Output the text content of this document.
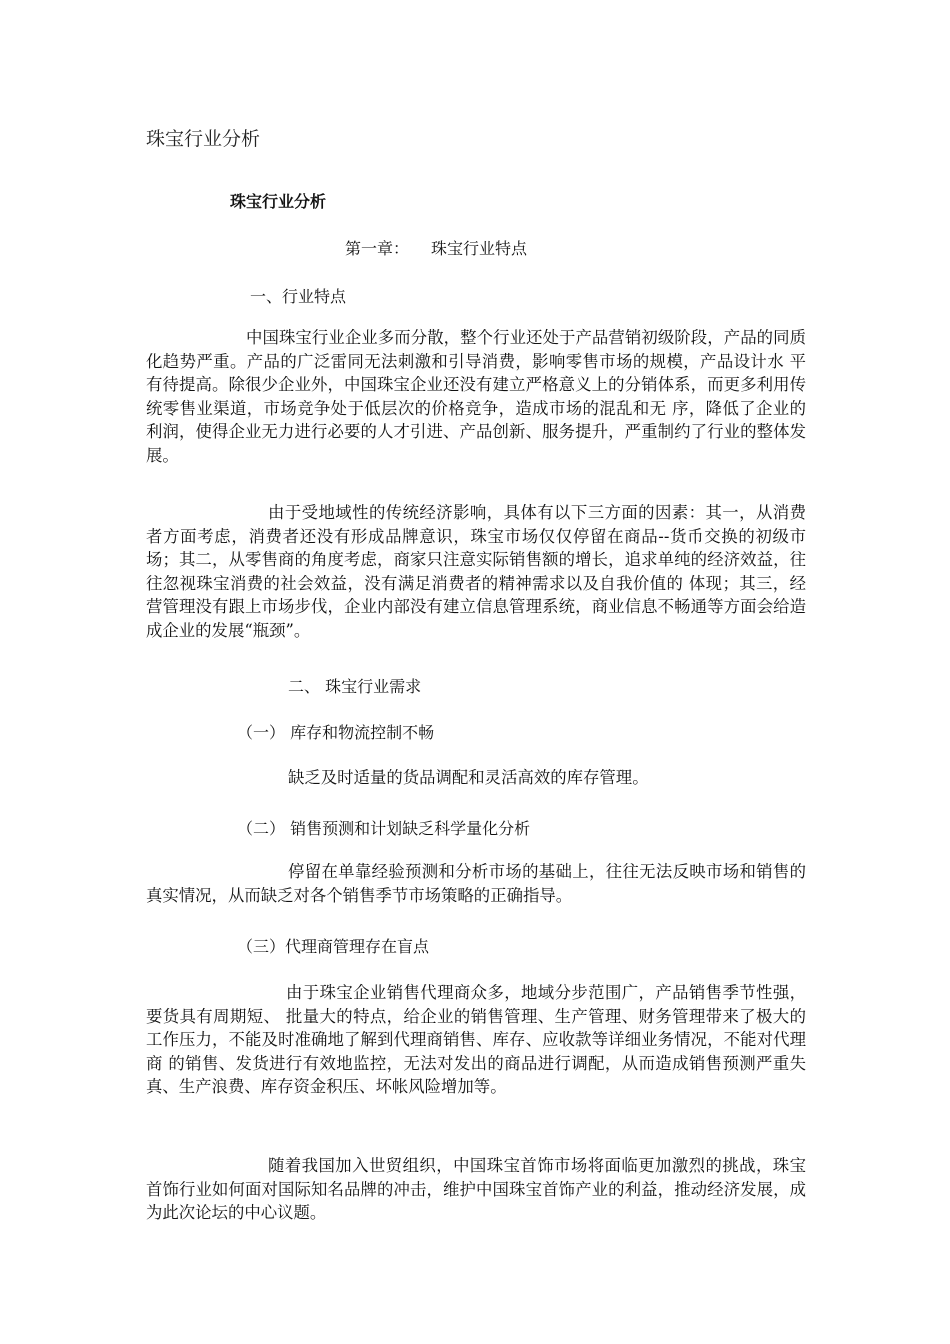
珠宝行业分析
珠宝行业分析
第一章： 珠宝行业特点
一、行业特点

中国珠宝行业企业多而分散，整个行业还处于产品营销初级阶段，产品的同质化趋势严重。产品的广泛雷同无法刺激和引导消费，影响零售市场的规模，产品设计水 平有待提高。除很少企业外，中国珠宝企业还没有建立严格意义上的分销体系，而更多利用传统零售业渠道，市场竞争处于低层次的价格竞争，造成市场的混乱和无 序，降低了企业的利润，使得企业无力进行必要的人才引进、产品创新、服务提升，严重制约了行业的整体发展。

由于受地域性的传统经济影响，具体有以下三方面的因素：其一，从消费者方面考虑，消费者还没有形成品牌意识，珠宝市场仅仅停留在商品--货币交换的初级市 场；其二，从零售商的角度考虑，商家只注意实际销售额的增长，追求单纯的经济效益，往往忽视珠宝消费的社会效益，没有满足消费者的精神需求以及自我价值的 体现；其三，经营管理没有跟上市场步伐，企业内部没有建立信息管理系统，商业信息不畅通等方面会给造成企业的发展“瓶颈”。

二、 珠宝行业需求
（一） 库存和物流控制不畅

缺乏及时适量的货品调配和灵活高效的库存管理。

（二） 销售预测和计划缺乏科学量化分析

停留在单靠经验预测和分析市场的基础上，往往无法反映市场和销售的真实情况，从而缺乏对各个销售季节市场策略的正确指导。

（三）代理商管理存在盲点

由于珠宝企业销售代理商众多，地域分步范围广，产品销售季节性强，要货具有周期短、 批量大的特点，给企业的销售管理、生产管理、财务管理带来了极大的工作压力，不能及时准确地了解到代理商销售、库存、应收款等详细业务情况，不能对代理商 的销售、发货进行有效地监控，无法对发出的商品进行调配，从而造成销售预测严重失真、生产浪费、库存资金积压、坏帐风险增加等。

随着我国加入世贸组织，中国珠宝首饰市场将面临更加激烈的挑战，珠宝首饰行业如何面对国际知名品牌的冲击，维护中国珠宝首饰产业的利益，推动经济发展，成为此次论坛的中心议题。
